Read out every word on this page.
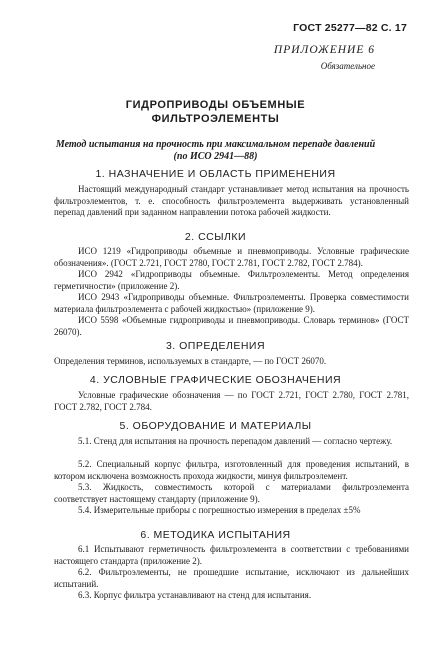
ГОСТ 25277—82 С. 17
ПРИЛОЖЕНИЕ 6
Обязательное
ГИДРОПРИВОДЫ ОБЪЕМНЫЕ
ФИЛЬТРОЭЛЕМЕНТЫ
Метод испытания на прочность при максимальном перепаде давлений
(по ИСО 2941—88)
1. НАЗНАЧЕНИЕ И ОБЛАСТЬ ПРИМЕНЕНИЯ

Настоящий международный стандарт устанавливает метод испытания на прочность фильтроэлементов, т. е. способность фильтроэлемента выдерживать установленный перепад давлений при заданном направлении потока рабочей жидкости.

2. ССЫЛКИ

ИСО 1219 «Гидроприводы объемные и пневмоприводы. Условные графические обозначения». (ГОСТ 2.721, ГОСТ 2780, ГОСТ 2.781, ГОСТ 2.782, ГОСТ 2.784).

ИСО 2942 «Гидроприводы объемные. Фильтроэлементы. Метод определения герметичности» (приложение 2).

ИСО 2943 «Гидроприводы объемные. Фильтроэлементы. Проверка совместимости материала фильтроэлемента с рабочей жидкостью» (приложение 9).

ИСО 5598 «Объемные гидроприводы и пневмоприводы. Словарь терминов» (ГОСТ 26070).

3. ОПРЕДЕЛЕНИЯ

Определения терминов, используемых в стандарте, — по ГОСТ 26070.

4. УСЛОВНЫЕ ГРАФИЧЕСКИЕ ОБОЗНАЧЕНИЯ

Условные графические обозначения — по ГОСТ 2.721, ГОСТ 2.780, ГОСТ 2.781, ГОСТ 2.782, ГОСТ 2.784.

5. ОБОРУДОВАНИЕ И МАТЕРИАЛЫ

5.1. Стенд для испытания на прочность перепадом давлений — согласно чертежу.

5.2. Специальный корпус фильтра, изготовленный для проведения испытаний, в котором исключена возможность прохода жидкости, минуя фильтроэлемент.

5.3. Жидкость, совместимость которой с материалами фильтроэлемента соответствует настоящему стандарту (приложение 9).

5.4. Измерительные приборы с погрешностью измерения в пределах ±5%

6. МЕТОДИКА ИСПЫТАНИЯ

6.1 Испытывают герметичность фильтроэлемента в соответствии с требованиями настоящего стандарта (приложение 2).

6.2. Фильтроэлементы, не прошедшие испытание, исключают из дальнейших испытаний.

6.3. Корпус фильтра устанавливают на стенд для испытания.
